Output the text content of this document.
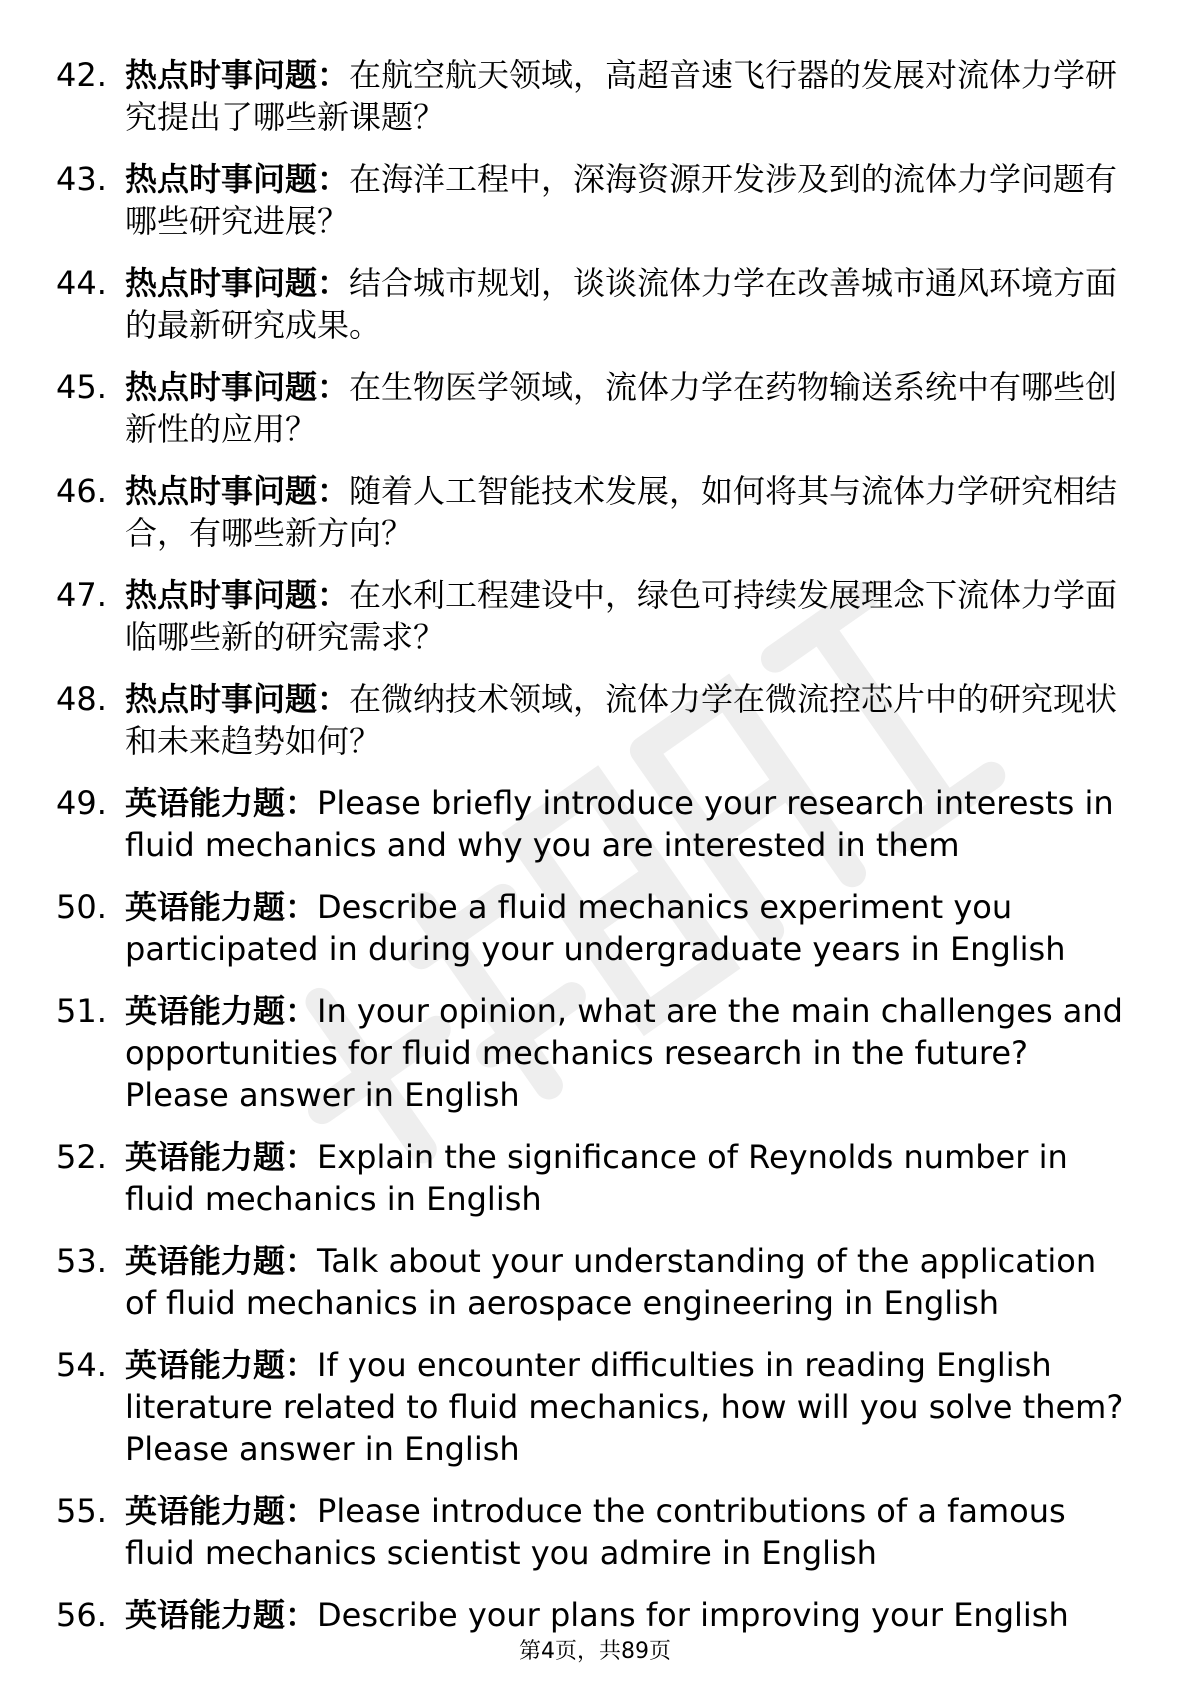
42. 热点时事问题：在航空航天领域，高超音速飞行器的发展对流体力学研究提出了哪些新课题？
43. 热点时事问题：在海洋工程中，深海资源开发涉及到的流体力学问题有哪些研究进展？
44. 热点时事问题：结合城市规划，谈谈流体力学在改善城市通风环境方面的最新研究成果。
45. 热点时事问题：在生物医学领域，流体力学在药物输送系统中有哪些创新性的应用？
46. 热点时事问题：随着人工智能技术发展，如何将其与流体力学研究相结合，有哪些新方向？
47. 热点时事问题：在水利工程建设中，绿色可持续发展理念下流体力学面临哪些新的研究需求？
48. 热点时事问题：在微纳技术领域，流体力学在微流控芯片中的研究现状和未来趋势如何？
49. 英语能力题：Please briefly introduce your research interests in fluid mechanics and why you are interested in them
50. 英语能力题：Describe a fluid mechanics experiment you participated in during your undergraduate years in English
51. 英语能力题：In your opinion, what are the main challenges and opportunities for fluid mechanics research in the future? Please answer in English
52. 英语能力题：Explain the significance of Reynolds number in fluid mechanics in English
53. 英语能力题：Talk about your understanding of the application of fluid mechanics in aerospace engineering in English
54. 英语能力题：If you encounter difficulties in reading English literature related to fluid mechanics, how will you solve them? Please answer in English
55. 英语能力题：Please introduce the contributions of a famous fluid mechanics scientist you admire in English
56. 英语能力题：Describe your plans for improving your English
第4页，共89页
